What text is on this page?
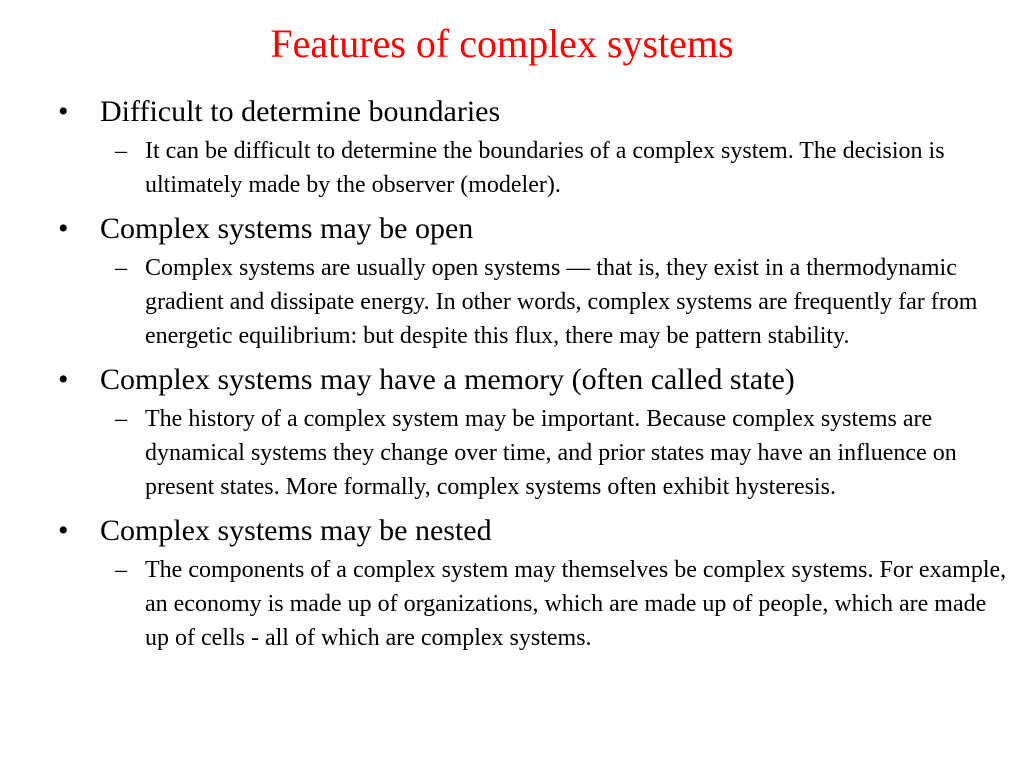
Features of complex systems
•	Difficult to determine boundaries
– It can be difficult to determine the boundaries of a complex system. The decision is ultimately made by the observer (modeler).
•	Complex systems may be open
– Complex systems are usually open systems — that is, they exist in a thermodynamic gradient and dissipate energy. In other words, complex systems are frequently far from energetic equilibrium: but despite this flux, there may be pattern stability.
•	Complex systems may have a memory (often called state)
– The history of a complex system may be important. Because complex systems are dynamical systems they change over time, and prior states may have an influence on present states. More formally, complex systems often exhibit hysteresis.
•	Complex systems may be nested
– The components of a complex system may themselves be complex systems. For example, an economy is made up of organizations, which are made up of people, which are made up of cells - all of which are complex systems.
